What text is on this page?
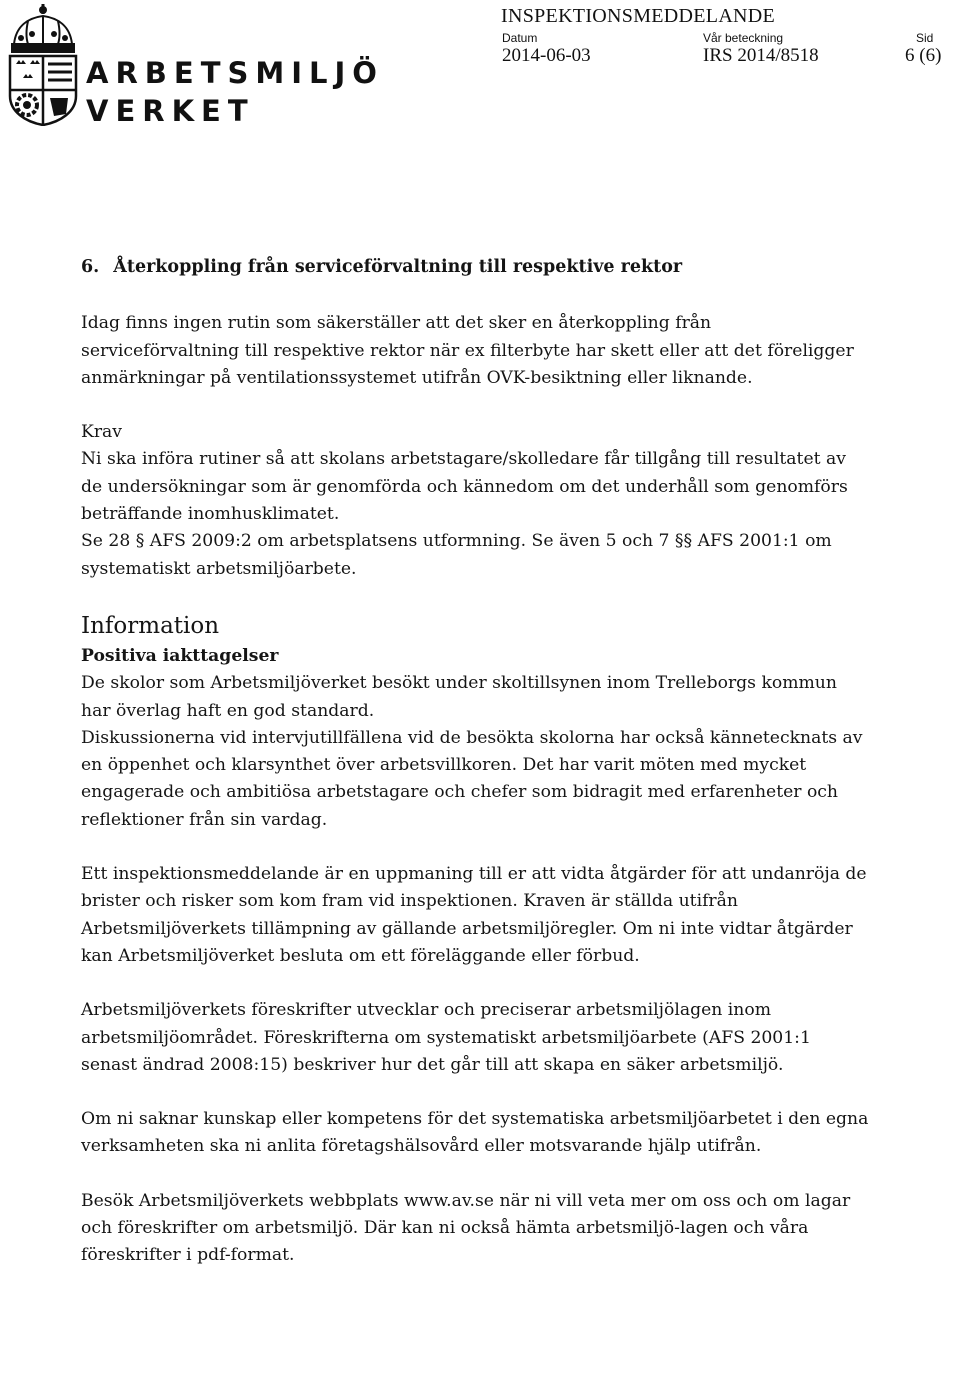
ARBETSMILJÖ
VERKET
INSPEKTIONSMEDDELANDE
Datum	Vår beteckning	Sid
2014-06-03	IRS 2014/8518	6 (6)

6. Återkoppling från serviceförvaltning till respektive rektor

Idag finns ingen rutin som säkerställer att det sker en återkoppling från serviceförvaltning till respektive rektor när ex filterbyte har skett eller att det föreligger anmärkningar på ventilationssystemet utifrån OVK-besiktning eller liknande.

Krav

Ni ska införa rutiner så att skolans arbetstagare/skolledare får tillgång till resultatet av de undersökningar som är genomförda och kännedom om det underhåll som genomförs beträffande inomhusklimatet.

Se 28 § AFS 2009:2 om arbetsplatsens utformning. Se även 5 och 7 §§ AFS 2001:1 om systematiskt arbetsmiljöarbete.

Information

Positiva iakttagelser

De skolor som Arbetsmiljöverket besökt under skoltillsynen inom Trelleborgs kommun har överlag haft en god standard.

Diskussionerna vid intervjutillfällena vid de besökta skolorna har också kännetecknats av en öppenhet och klarsynthet över arbetsvillkoren. Det har varit möten med mycket engagerade och ambitiösa arbetstagare och chefer som bidragit med erfarenheter och reflektioner från sin vardag.

Ett inspektionsmeddelande är en uppmaning till er att vidta åtgärder för att undanröja de brister och risker som kom fram vid inspektionen. Kraven är ställda utifrån Arbetsmiljöverkets tillämpning av gällande arbetsmiljöregler. Om ni inte vidtar åtgärder kan Arbetsmiljöverket besluta om ett föreläggande eller förbud.

Arbetsmiljöverkets föreskrifter utvecklar och preciserar arbetsmiljölagen inom arbetsmiljöområdet. Föreskrifterna om systematiskt arbetsmiljöarbete (AFS 2001:1 senast ändrad 2008:15) beskriver hur det går till att skapa en säker arbetsmiljö.

Om ni saknar kunskap eller kompetens för det systematiska arbetsmiljöarbetet i den egna verksamheten ska ni anlita företagshälsovård eller motsvarande hjälp utifrån.

Besök Arbetsmiljöverkets webbplats www.av.se när ni vill veta mer om oss och om lagar och föreskrifter om arbetsmiljö. Där kan ni också hämta arbetsmiljö-lagen och våra föreskrifter i pdf-format.
